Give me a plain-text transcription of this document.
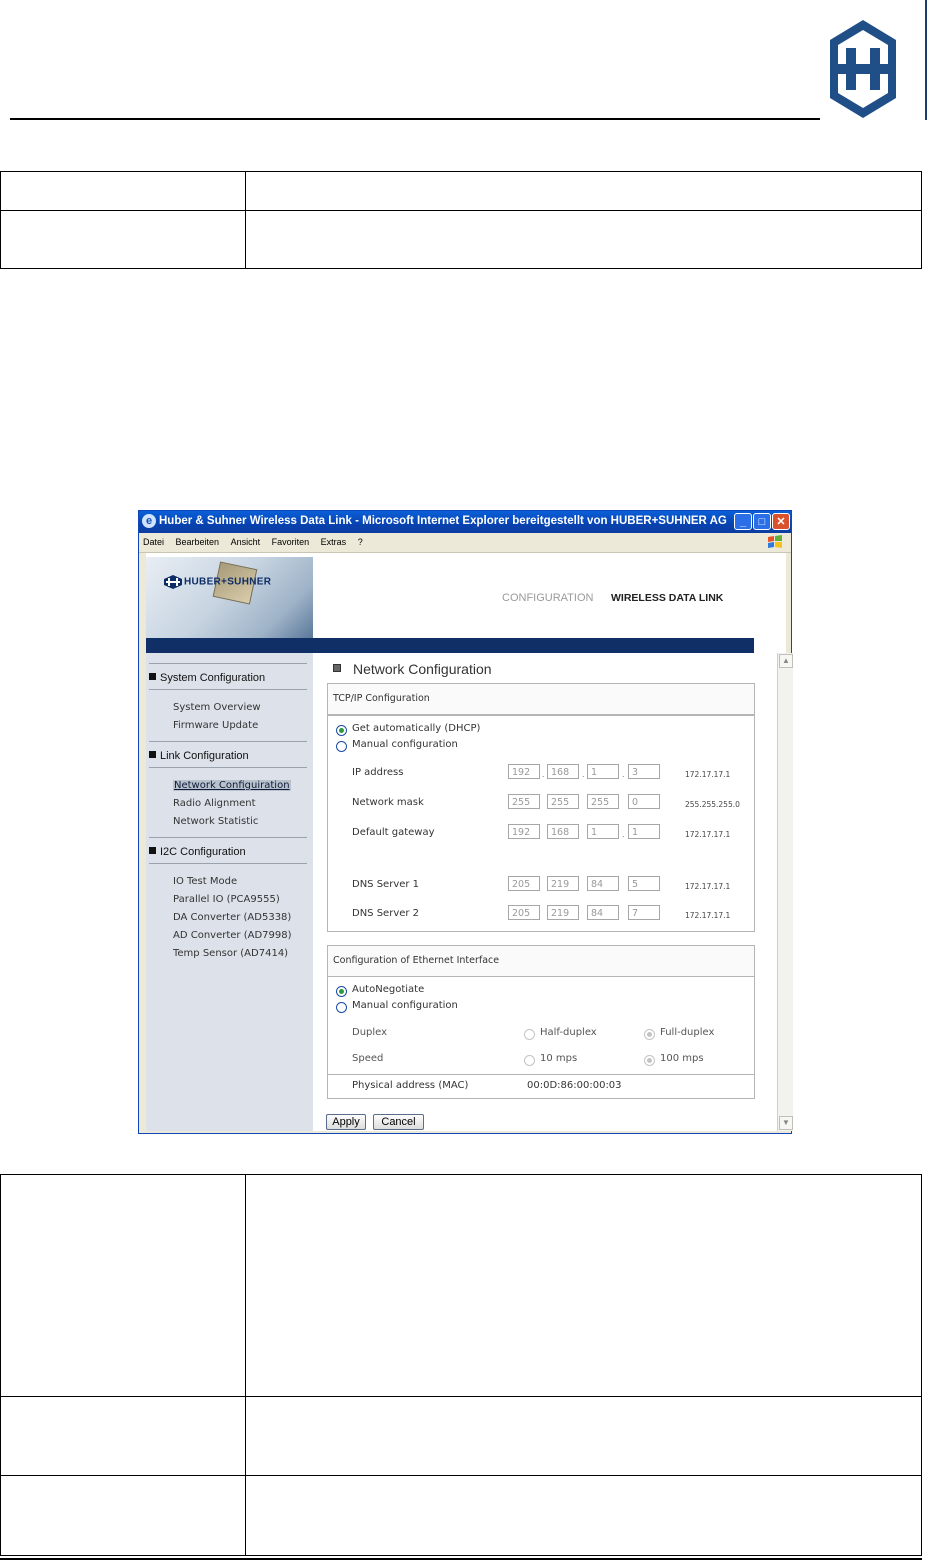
e Huber & Suhner Wireless Data Link - Microsoft Internet Explorer bereitgestellt von HUBER+SUHNER AG	_	□	✕
Datei Bearbeiten Ansicht Favoriten Extras ?
HUBER+SUHNER
CONFIGURATION WIRELESS DATA LINK
System Configuration
System Overview
Firmware Update
Link Configuration
Network Configuiration
Radio Alignment
Network Statistic
I2C Configuration
IO Test Mode
Parallel IO (PCA9555)
DA Converter (AD5338)
AD Converter (AD7998)
Temp Sensor (AD7414)
Network Configuration
TCP/IP Configuration
Get automatically (DHCP)
Manual configuration
IP address	192	168	1	3	172.17.17.1
Network mask	255	255	255	0	255.255.255.0
Default gateway	192	168	1	1	172.17.17.1
DNS Server 1	205	219	84	5	172.17.17.1
DNS Server 2	205	219	84	7	172.17.17.1
.	.	.
.
Configuration of Ethernet Interface
AutoNegotiate
Manual configuration
Duplex	Half-duplex	Full-duplex
Speed	10 mps	100 mps
Physical address (MAC)	00:0D:86:00:00:03
Apply	Cancel
▲
▼
